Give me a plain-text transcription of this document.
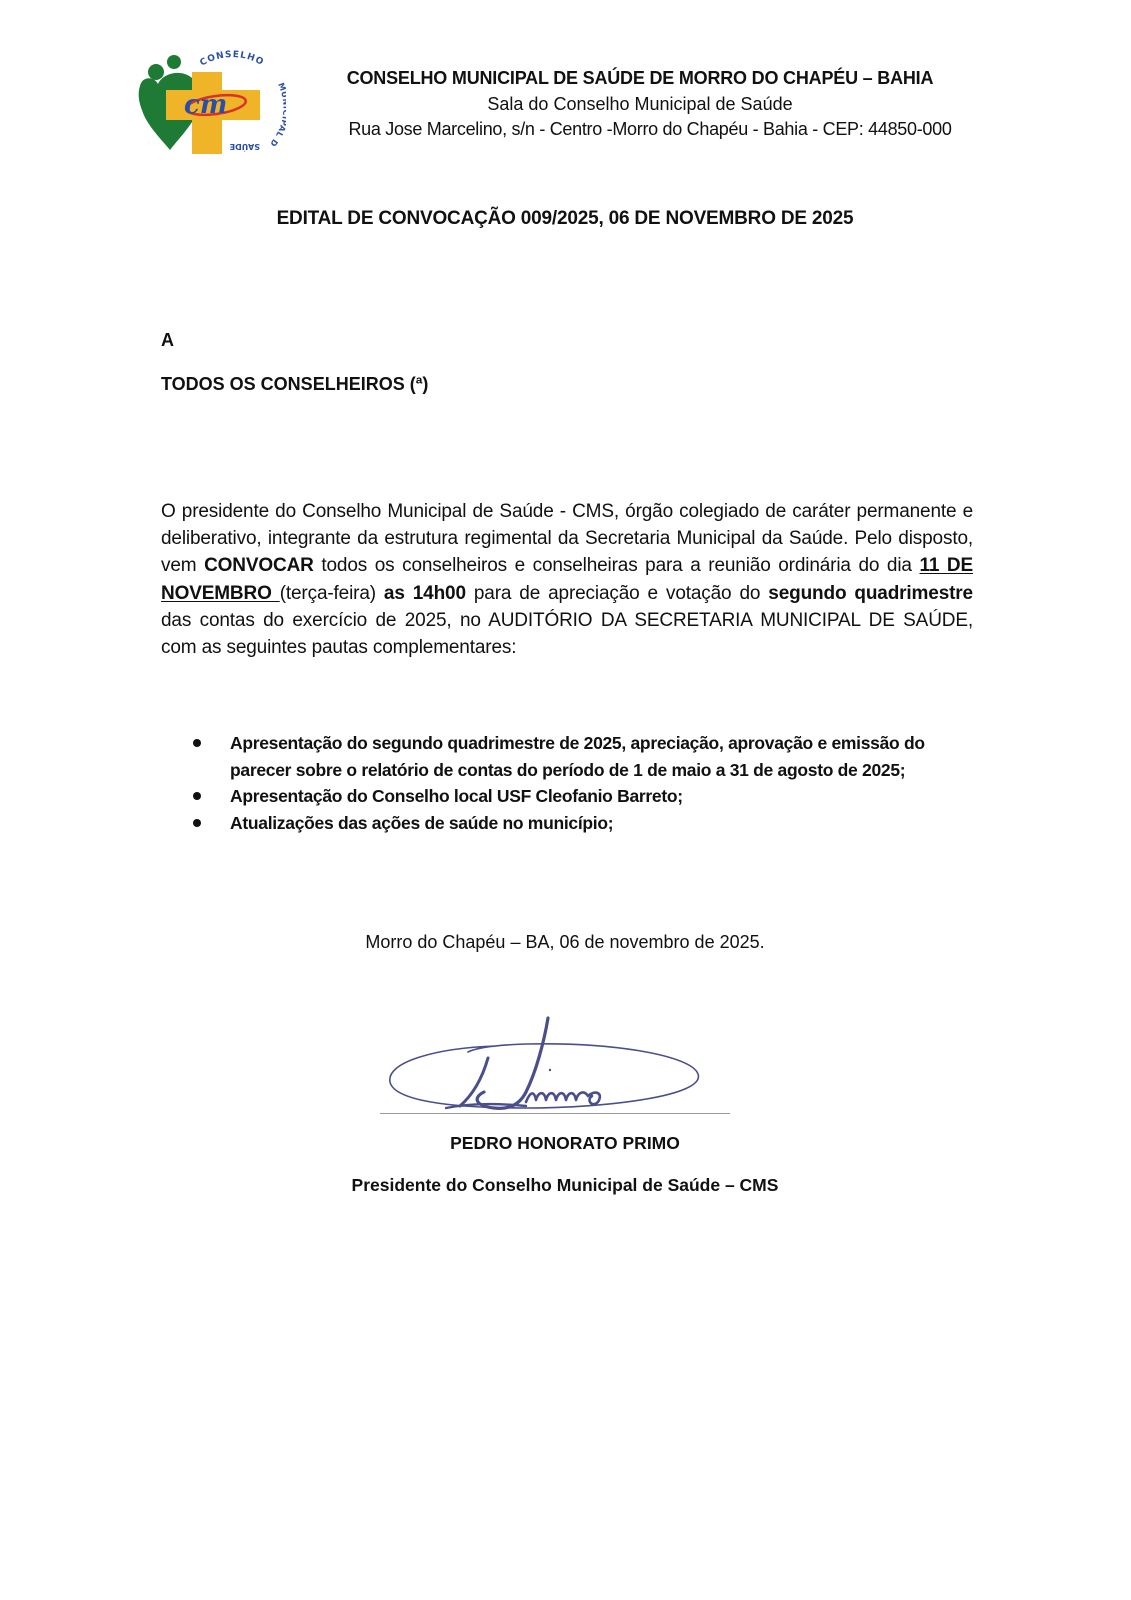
cm
CONSELHO
L D
SAÚDE
CONSELHO MUNICIPAL DE SAÚDE DE MORRO DO CHAPÉU – BAHIA
Sala do Conselho Municipal de Saúde
Rua Jose Marcelino, s/n - Centro -Morro do Chapéu - Bahia - CEP: 44850-000
EDITAL DE CONVOCAÇÃO 009/2025, 06 DE NOVEMBRO DE 2025
A
TODOS OS CONSELHEIROS (ª)
O presidente do Conselho Municipal de Saúde - CMS, órgão colegiado de caráter permanente e deliberativo, integrante da estrutura regimental da Secretaria Municipal da Saúde. Pelo disposto, vem CONVOCAR todos os conselheiros e conselheiras para a reunião ordinária do dia 11 DE NOVEMBRO (terça-feira) as 14h00 para de apreciação e votação do segundo quadrimestre das contas do exercício de 2025, no AUDITÓRIO DA SECRETARIA MUNICIPAL DE SAÚDE, com as seguintes pautas complementares:
Apresentação do segundo quadrimestre de 2025, apreciação, aprovação e emissão do parecer sobre o relatório de contas do período de 1 de maio a 31 de agosto de 2025;
Apresentação do Conselho local USF Cleofanio Barreto;
Atualizações das ações de saúde no município;
Morro do Chapéu – BA, 06 de novembro de 2025.
PEDRO HONORATO PRIMO
Presidente do Conselho Municipal de Saúde – CMS
